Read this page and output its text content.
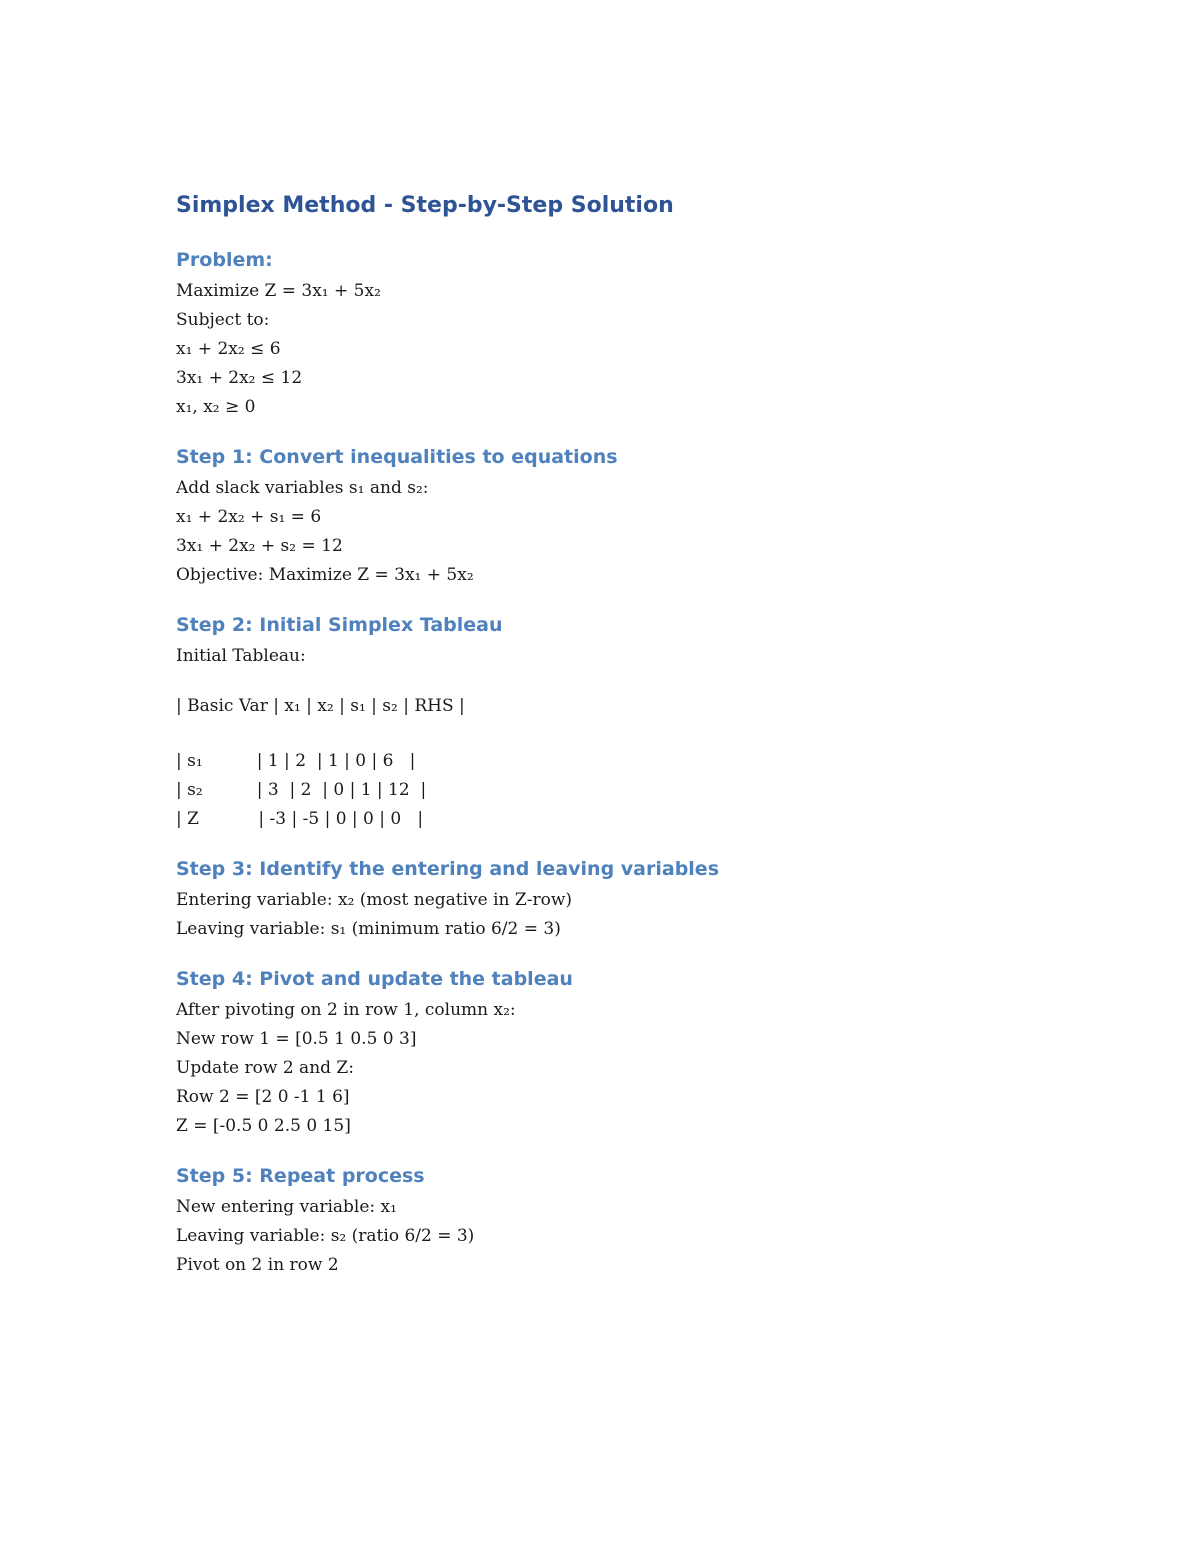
Simplex Method - Step-by-Step Solution
Problem:
Maximize Z = 3x₁ + 5x₂
Subject to:
x₁ + 2x₂ ≤ 6
3x₁ + 2x₂ ≤ 12
x₁, x₂ ≥ 0
Step 1: Convert inequalities to equations
Add slack variables s₁ and s₂:
x₁ + 2x₂ + s₁ = 6
3x₁ + 2x₂ + s₂ = 12
Objective: Maximize Z = 3x₁ + 5x₂
Step 2: Initial Simplex Tableau
Initial Tableau:
| Basic Var | x₁ | x₂ | s₁ | s₂ | RHS |
| s₁          | 1 | 2  | 1 | 0 | 6   |
| s₂          | 3  | 2  | 0 | 1 | 12  |
| Z           | -3 | -5 | 0 | 0 | 0   |
Step 3: Identify the entering and leaving variables
Entering variable: x₂ (most negative in Z-row)
Leaving variable: s₁ (minimum ratio 6/2 = 3)
Step 4: Pivot and update the tableau
After pivoting on 2 in row 1, column x₂:
New row 1 = [0.5 1 0.5 0 3]
Update row 2 and Z:
Row 2 = [2 0 -1 1 6]
Z = [-0.5 0 2.5 0 15]
Step 5: Repeat process
New entering variable: x₁
Leaving variable: s₂ (ratio 6/2 = 3)
Pivot on 2 in row 2
